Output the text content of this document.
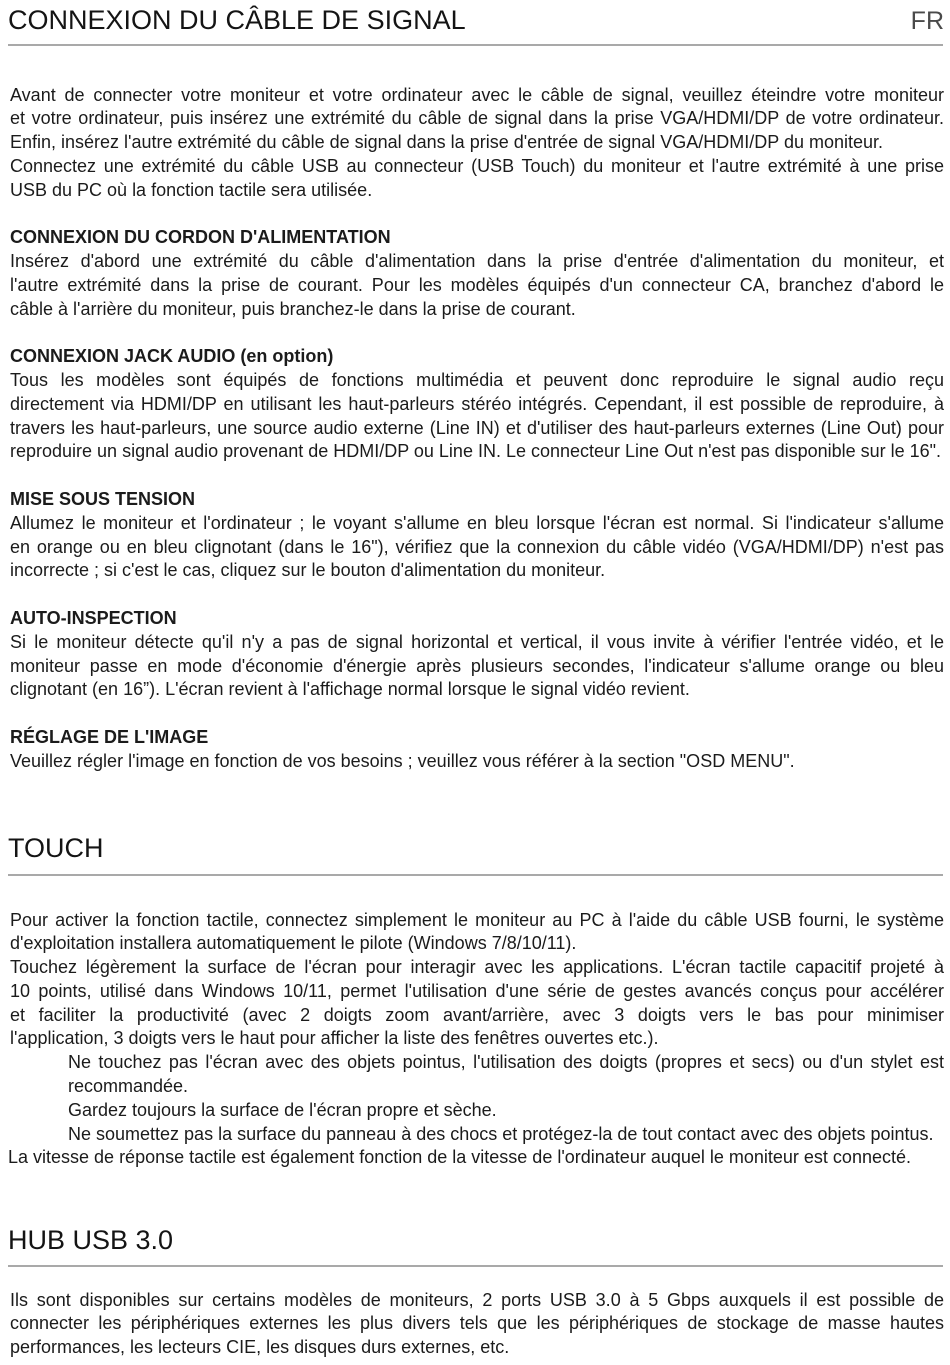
CONNEXION DU CÂBLE DE SIGNAL	FR
Avant de connecter votre moniteur et votre ordinateur avec le câble de signal, veuillez éteindre votre moniteur
et votre ordinateur, puis insérez une extrémité du câble de signal dans la prise VGA/HDMI/DP de votre ordinateur.
Enfin, insérez l'autre extrémité du câble de signal dans la prise d'entrée de signal VGA/HDMI/DP du moniteur.
Connectez une extrémité du câble USB au connecteur (USB Touch) du moniteur et l'autre extrémité à une prise
USB du PC où la fonction tactile sera utilisée.
CONNEXION DU CORDON D'ALIMENTATION
Insérez d'abord une extrémité du câble d'alimentation dans la prise d'entrée d'alimentation du moniteur, et
l'autre extrémité dans la prise de courant. Pour les modèles équipés d'un connecteur CA, branchez d'abord le
câble à l'arrière du moniteur, puis branchez-le dans la prise de courant.
CONNEXION JACK AUDIO (en option)
Tous les modèles sont équipés de fonctions multimédia et peuvent donc reproduire le signal audio reçu
directement via HDMI/DP en utilisant les haut-parleurs stéréo intégrés. Cependant, il est possible de reproduire, à
travers les haut-parleurs, une source audio externe (Line IN) et d'utiliser des haut-parleurs externes (Line Out) pour
reproduire un signal audio provenant de HDMI/DP ou Line IN. Le connecteur Line Out n'est pas disponible sur le 16".
MISE SOUS TENSION
Allumez le moniteur et l'ordinateur ; le voyant s'allume en bleu lorsque l'écran est normal. Si l'indicateur s'allume
en orange ou en bleu clignotant (dans le 16"), vérifiez que la connexion du câble vidéo (VGA/HDMI/DP) n'est pas
incorrecte ; si c'est le cas, cliquez sur le bouton d'alimentation du moniteur.
AUTO-INSPECTION
Si le moniteur détecte qu'il n'y a pas de signal horizontal et vertical, il vous invite à vérifier l'entrée vidéo, et le
moniteur passe en mode d'économie d'énergie après plusieurs secondes, l'indicateur s'allume orange ou bleu
clignotant (en 16”). L'écran revient à l'affichage normal lorsque le signal vidéo revient.
RÉGLAGE DE L'IMAGE
Veuillez régler l'image en fonction de vos besoins ; veuillez vous référer à la section "OSD MENU".
TOUCH
Pour activer la fonction tactile, connectez simplement le moniteur au PC à l'aide du câble USB fourni, le système
d'exploitation installera automatiquement le pilote (Windows 7/8/10/11).
Touchez légèrement la surface de l'écran pour interagir avec les applications. L'écran tactile capacitif projeté à
10 points, utilisé dans Windows 10/11, permet l'utilisation d'une série de gestes avancés conçus pour accélérer
et faciliter la productivité (avec 2 doigts zoom avant/arrière, avec 3 doigts vers le bas pour minimiser
l'application, 3 doigts vers le haut pour afficher la liste des fenêtres ouvertes etc.).
Ne touchez pas l'écran avec des objets pointus, l'utilisation des doigts (propres et secs) ou d'un stylet est
recommandée.
Gardez toujours la surface de l'écran propre et sèche.
Ne soumettez pas la surface du panneau à des chocs et protégez-la de tout contact avec des objets pointus.
La vitesse de réponse tactile est également fonction de la vitesse de l'ordinateur auquel le moniteur est connecté.
HUB USB 3.0
Ils sont disponibles sur certains modèles de moniteurs, 2 ports USB 3.0 à 5 Gbps auxquels il est possible de
connecter les périphériques externes les plus divers tels que les périphériques de stockage de masse hautes
performances, les lecteurs CIE, les disques durs externes, etc.
